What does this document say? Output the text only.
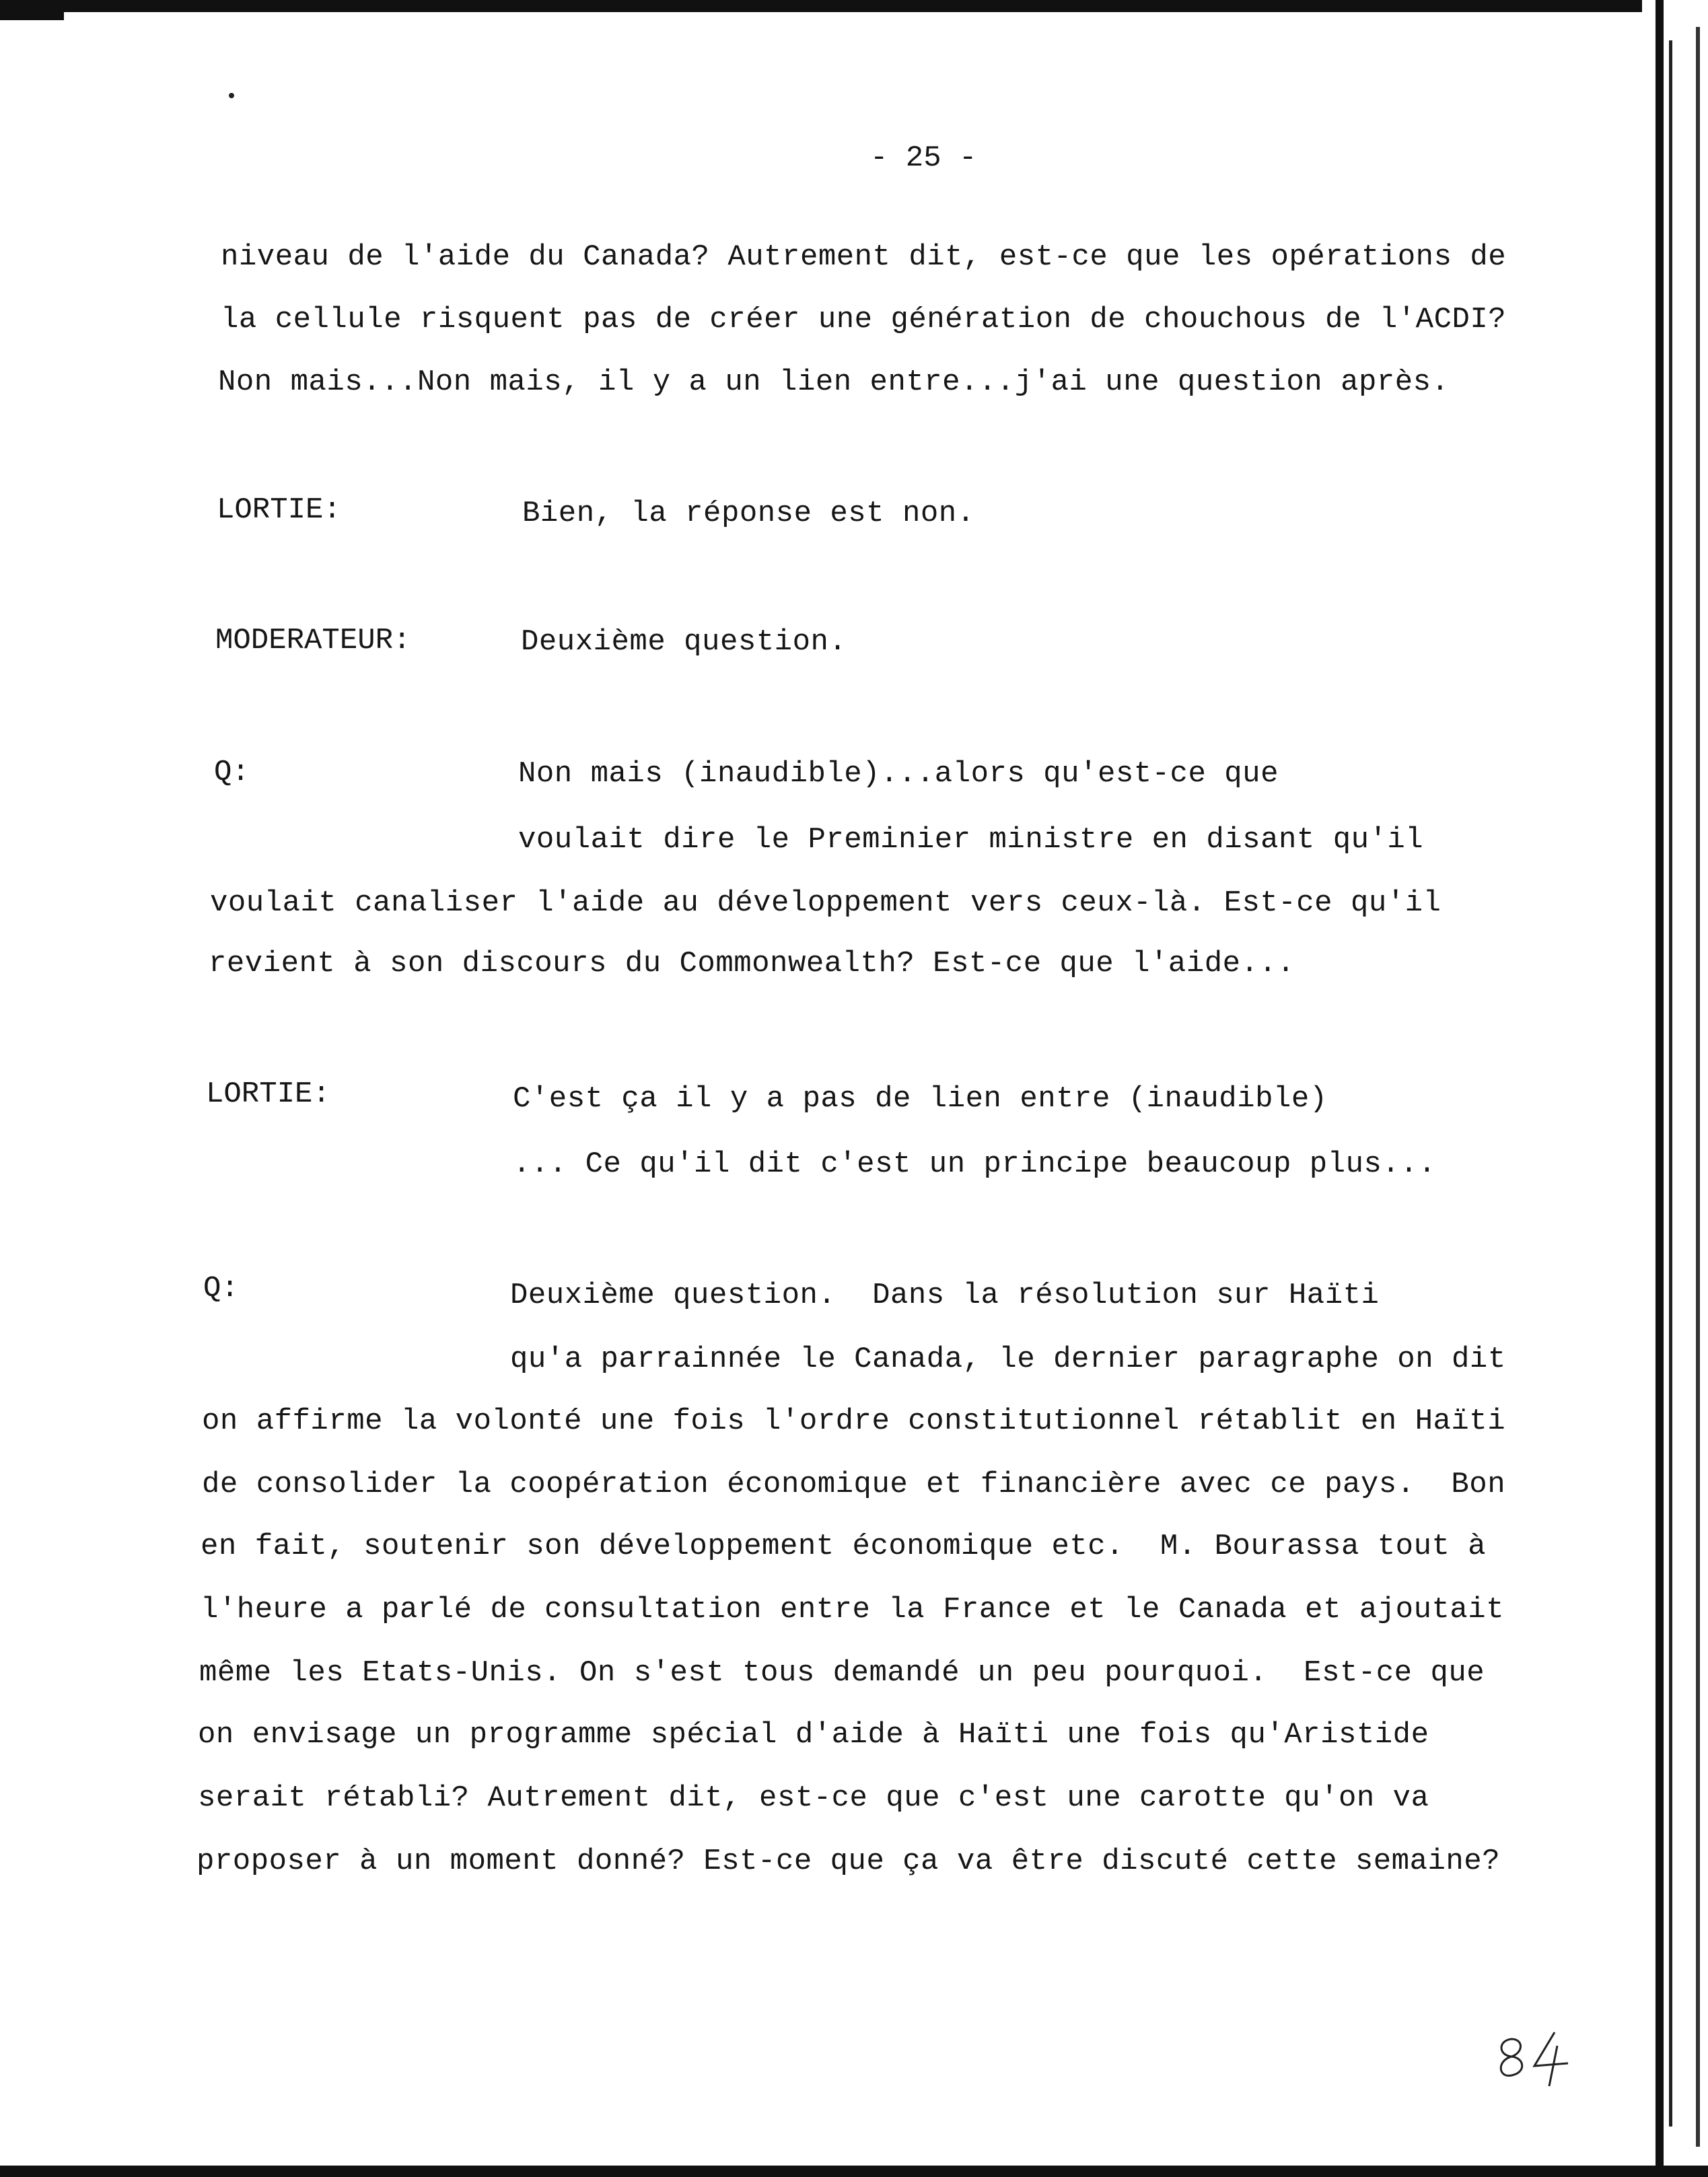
- 25 -
niveau de l'aide du Canada? Autrement dit, est-ce que les opérations de
la cellule risquent pas de créer une génération de chouchous de l'ACDI?
Non mais...Non mais, il y a un lien entre...j'ai une question après.
LORTIE:	Bien, la réponse est non.
MODERATEUR:	Deuxième question.
Q:	Non mais (inaudible)...alors qu'est-ce que
voulait dire le Preminier ministre en disant qu'il
voulait canaliser l'aide au développement vers ceux-là. Est-ce qu'il
revient à son discours du Commonwealth? Est-ce que l'aide...
LORTIE:	C'est ça il y a pas de lien entre (inaudible)
... Ce qu'il dit c'est un principe beaucoup plus...
Q:	Deuxième question.  Dans la résolution sur Haïti
qu'a parrainnée le Canada, le dernier paragraphe on dit
on affirme la volonté une fois l'ordre constitutionnel rétablit en Haïti
de consolider la coopération économique et financière avec ce pays.  Bon
en fait, soutenir son développement économique etc.  M. Bourassa tout à
l'heure a parlé de consultation entre la France et le Canada et ajoutait
même les Etats-Unis. On s'est tous demandé un peu pourquoi.  Est-ce que
on envisage un programme spécial d'aide à Haïti une fois qu'Aristide
serait rétabli? Autrement dit, est-ce que c'est une carotte qu'on va
proposer à un moment donné? Est-ce que ça va être discuté cette semaine?
